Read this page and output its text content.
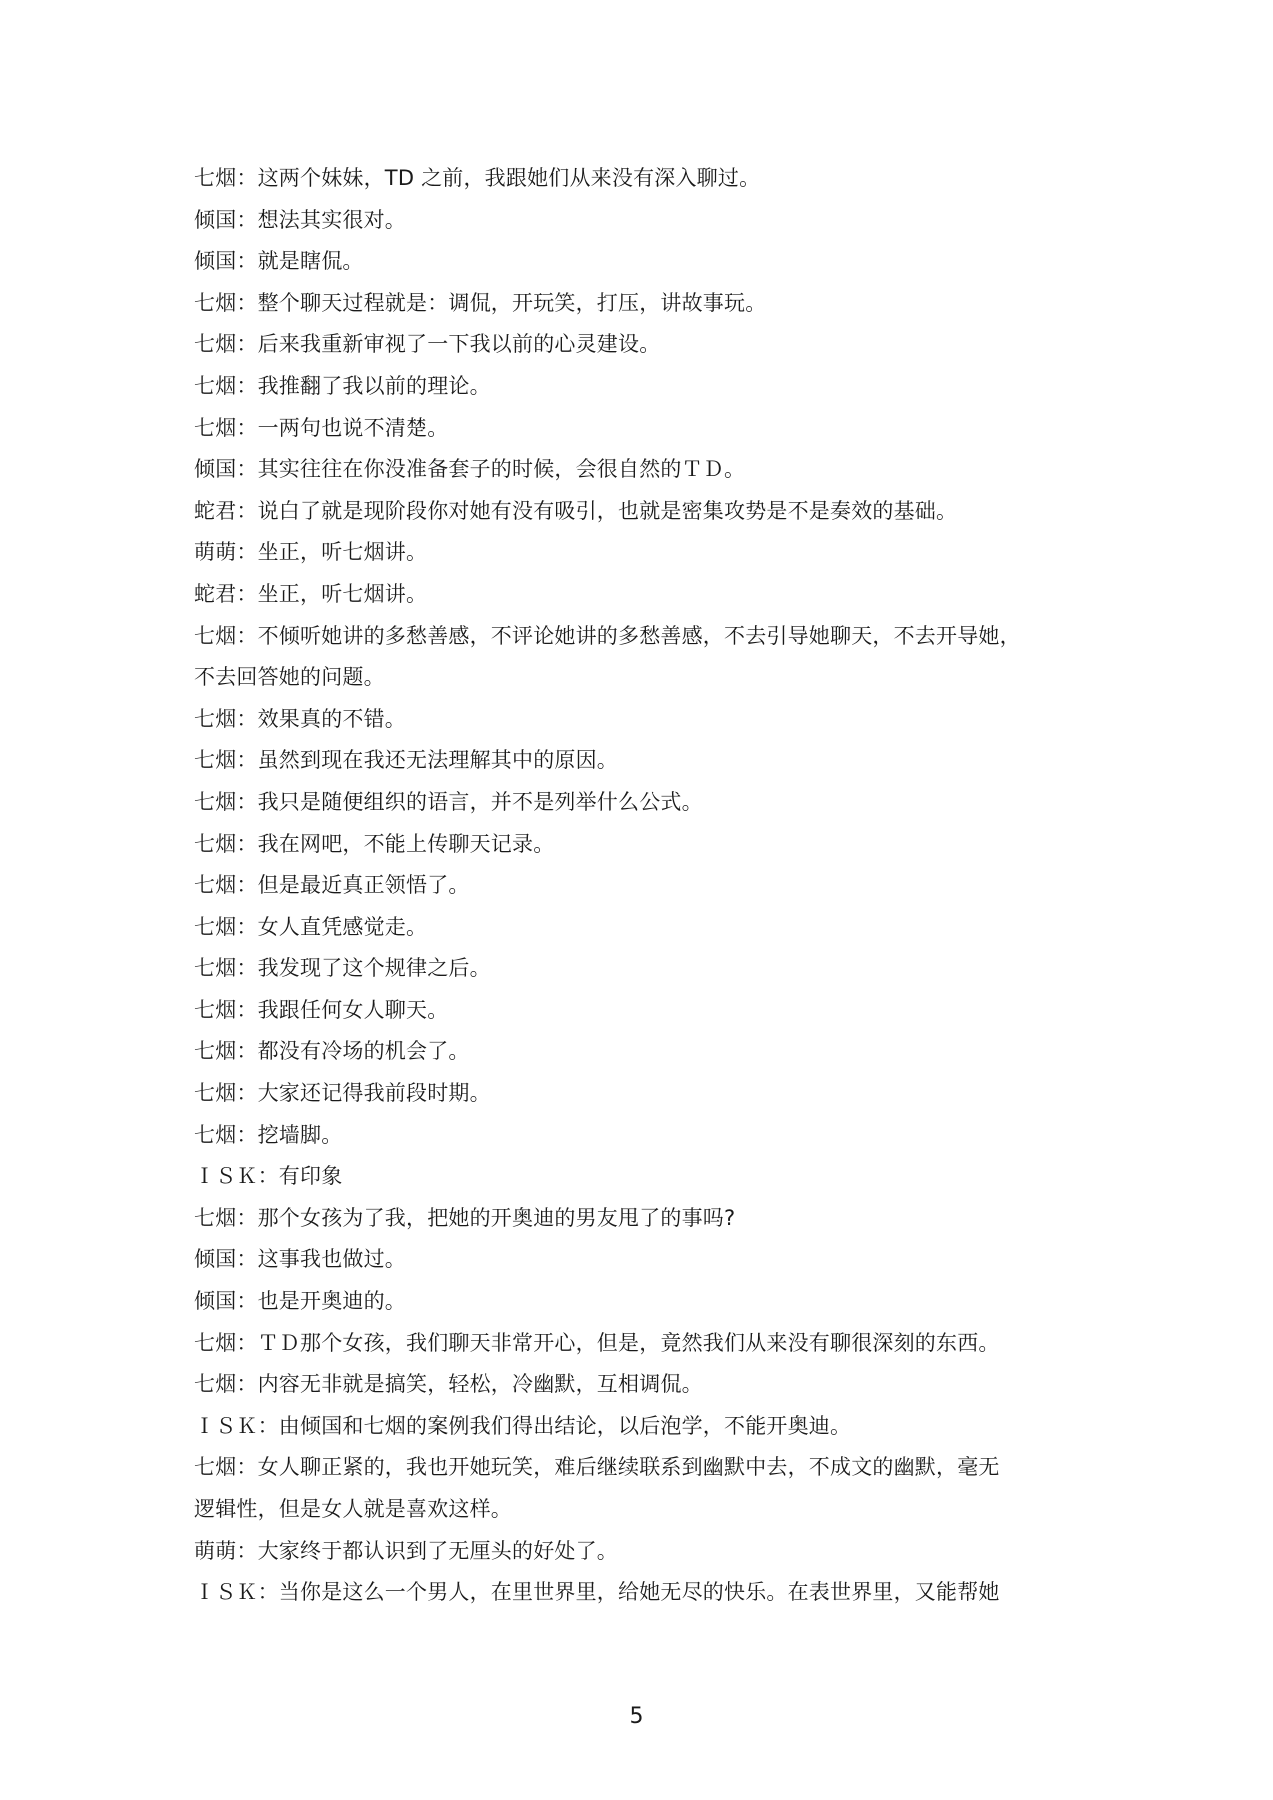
七烟：这两个妹妹，TD 之前，我跟她们从来没有深入聊过。
倾国：想法其实很对。
倾国：就是瞎侃。
七烟：整个聊天过程就是：调侃，开玩笑，打压，讲故事玩。
七烟：后来我重新审视了一下我以前的心灵建设。
七烟：我推翻了我以前的理论。
七烟：一两句也说不清楚。
倾国：其实往往在你没准备套子的时候，会很自然的ＴＤ。
蛇君：说白了就是现阶段你对她有没有吸引，也就是密集攻势是不是奏效的基础。
萌萌：坐正，听七烟讲。
蛇君：坐正，听七烟讲。
七烟：不倾听她讲的多愁善感，不评论她讲的多愁善感，不去引导她聊天，不去开导她，
不去回答她的问题。
七烟：效果真的不错。
七烟：虽然到现在我还无法理解其中的原因。
七烟：我只是随便组织的语言，并不是列举什么公式。
七烟：我在网吧，不能上传聊天记录。
七烟：但是最近真正领悟了。
七烟：女人直凭感觉走。
七烟：我发现了这个规律之后。
七烟：我跟任何女人聊天。
七烟：都没有冷场的机会了。
七烟：大家还记得我前段时期。
七烟：挖墙脚。
ＩＳＫ：有印象
七烟：那个女孩为了我，把她的开奥迪的男友甩了的事吗?
倾国：这事我也做过。
倾国：也是开奥迪的。
七烟：ＴＤ那个女孩，我们聊天非常开心，但是，竟然我们从来没有聊很深刻的东西。
七烟：内容无非就是搞笑，轻松，冷幽默，互相调侃。
ＩＳＫ：由倾国和七烟的案例我们得出结论，以后泡学，不能开奥迪。
七烟：女人聊正紧的，我也开她玩笑，难后继续联系到幽默中去，不成文的幽默，毫无
逻辑性，但是女人就是喜欢这样。
萌萌：大家终于都认识到了无厘头的好处了。
ＩＳＫ：当你是这么一个男人，在里世界里，给她无尽的快乐。在表世界里，又能帮她
5
